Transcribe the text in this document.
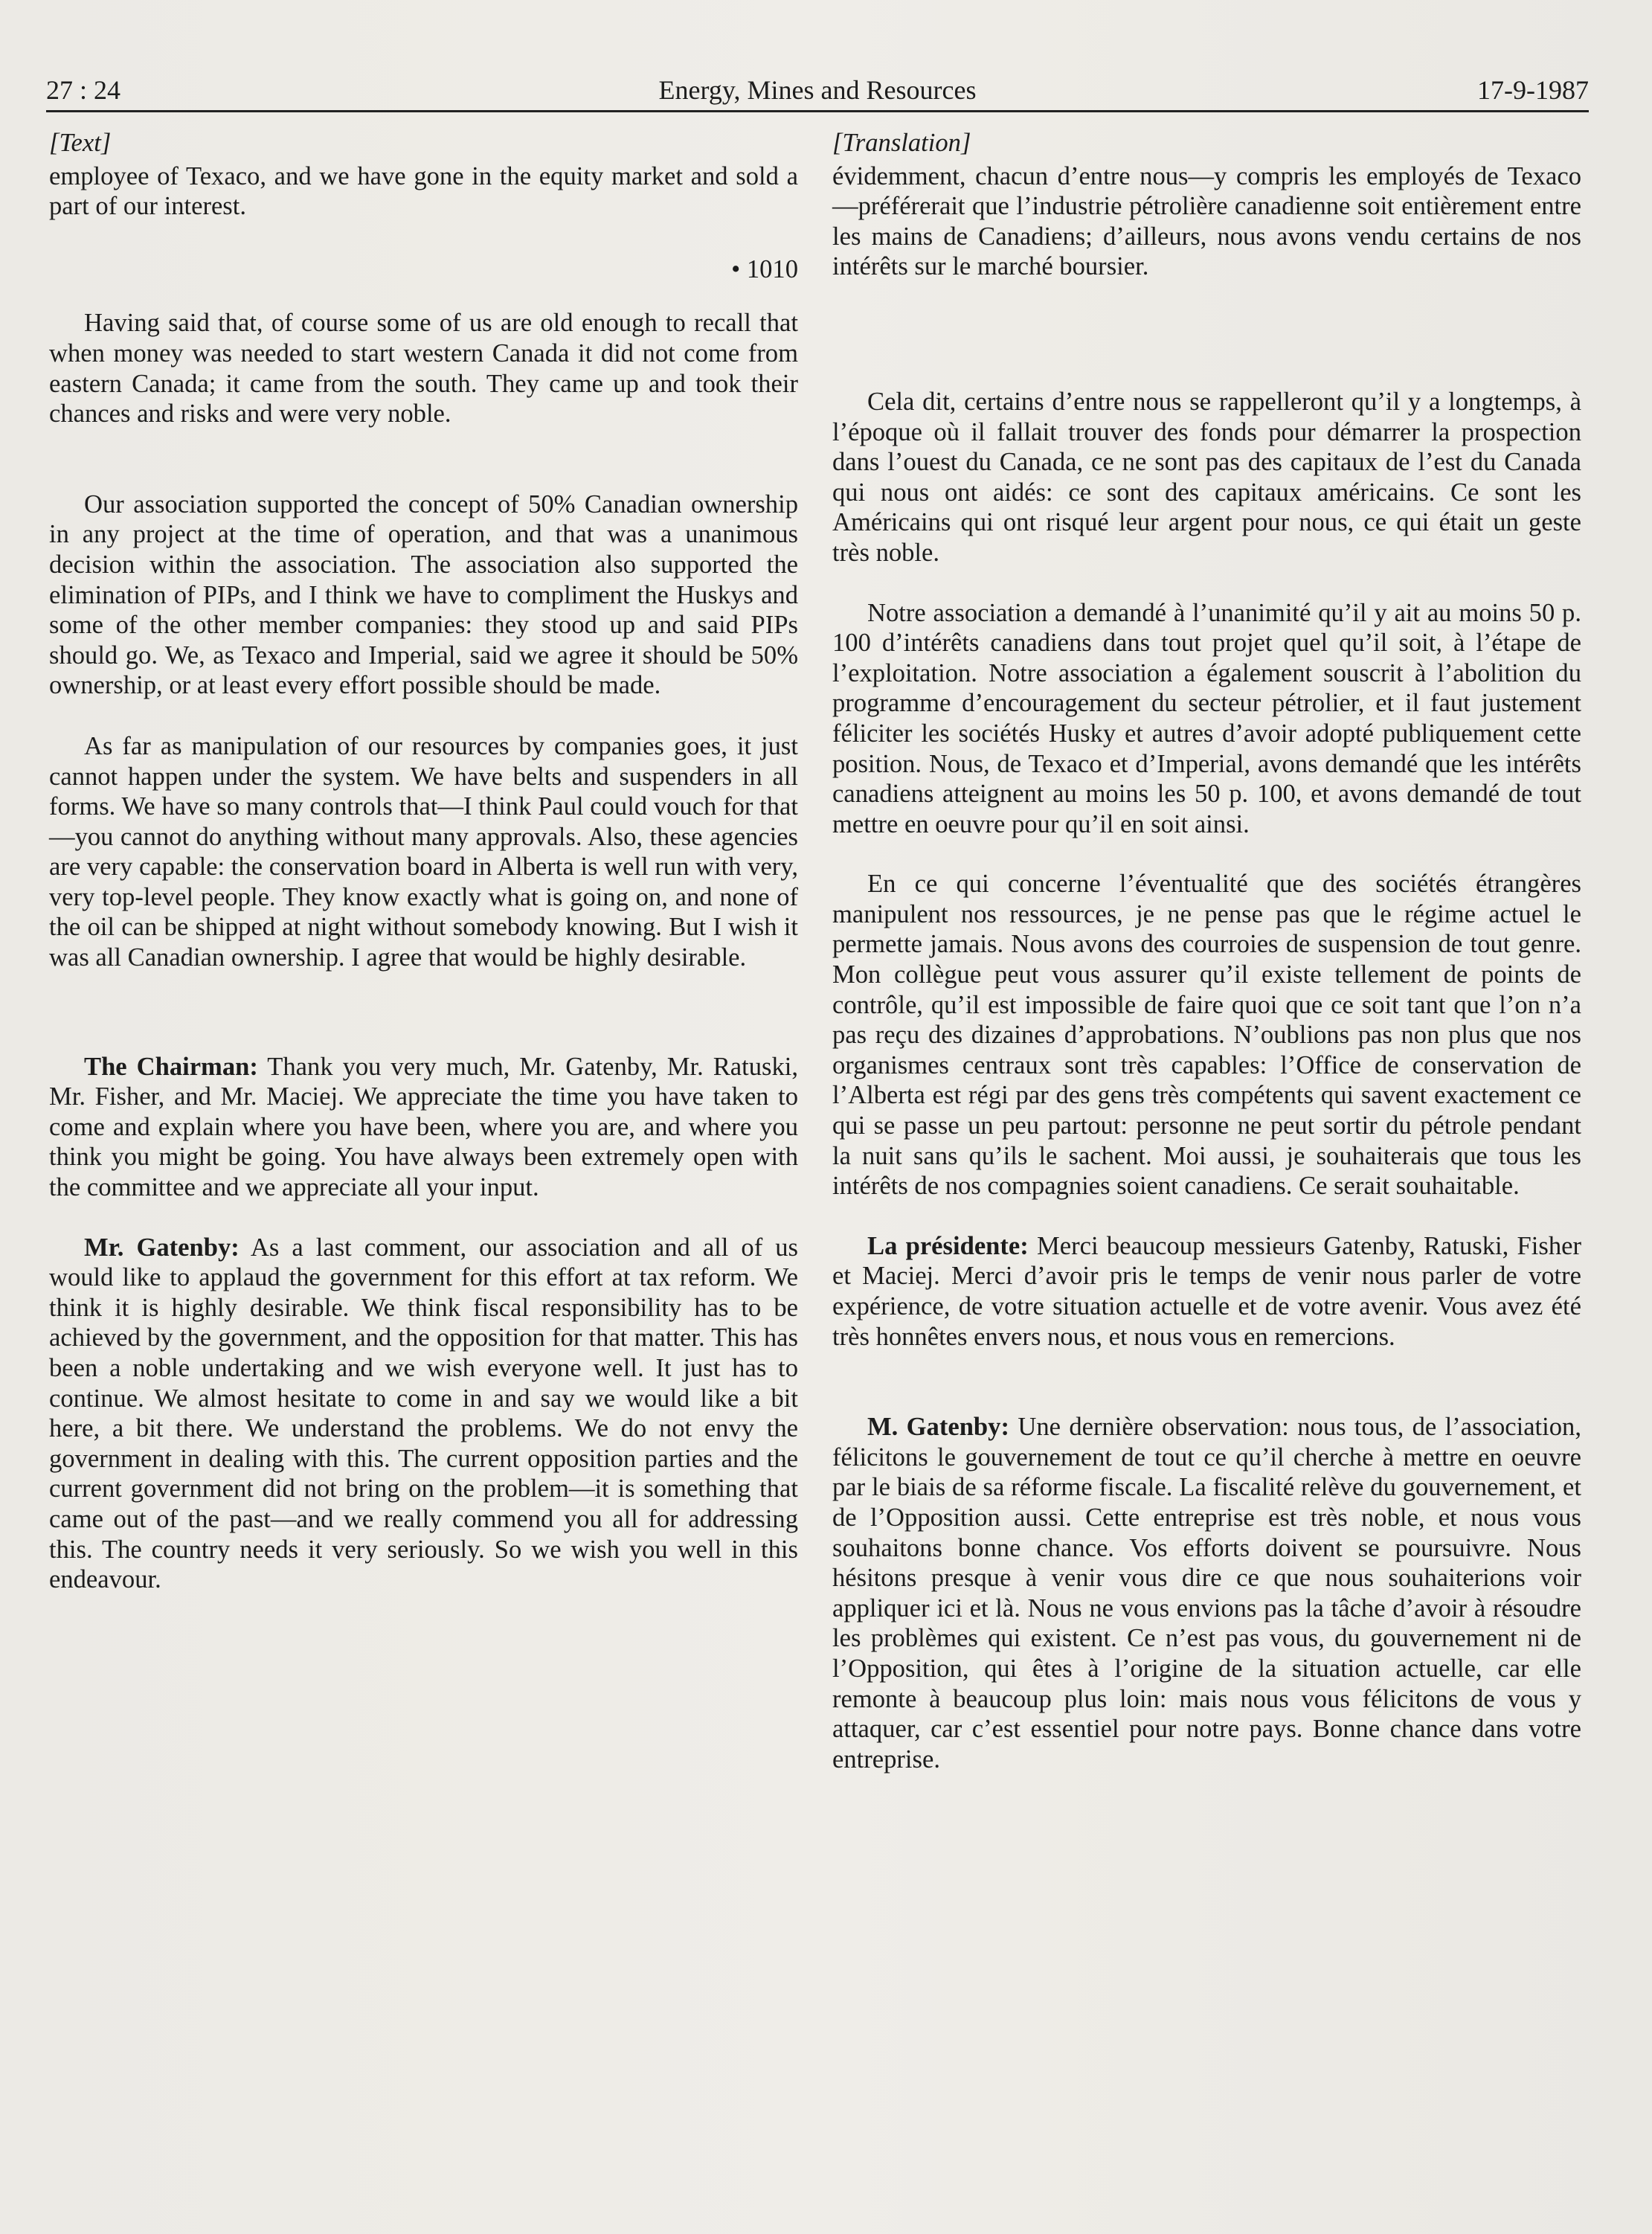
27 : 24	Energy, Mines and Resources	17-9-1987
[Text]

employee of Texaco, and we have gone in the equity market and sold a part of our interest.

• 1010

Having said that, of course some of us are old enough to recall that when money was needed to start western Canada it did not come from eastern Canada; it came from the south. They came up and took their chances and risks and were very noble.

Our association supported the concept of 50% Canadian ownership in any project at the time of operation, and that was a unanimous decision within the association. The association also supported the elimination of PIPs, and I think we have to compliment the Huskys and some of the other member companies: they stood up and said PIPs should go. We, as Texaco and Imperial, said we agree it should be 50% ownership, or at least every effort possible should be made.

As far as manipulation of our resources by companies goes, it just cannot happen under the system. We have belts and suspenders in all forms. We have so many controls that—I think Paul could vouch for that—you cannot do anything without many approvals. Also, these agencies are very capable: the conservation board in Alberta is well run with very, very top-level people. They know exactly what is going on, and none of the oil can be shipped at night without somebody knowing. But I wish it was all Canadian ownership. I agree that would be highly desirable.

The Chairman: Thank you very much, Mr. Gatenby, Mr. Ratuski, Mr. Fisher, and Mr. Maciej. We appreciate the time you have taken to come and explain where you have been, where you are, and where you think you might be going. You have always been extremely open with the committee and we appreciate all your input.

Mr. Gatenby: As a last comment, our association and all of us would like to applaud the government for this effort at tax reform. We think it is highly desirable. We think fiscal responsibility has to be achieved by the government, and the opposition for that matter. This has been a noble undertaking and we wish everyone well. It just has to continue. We almost hesitate to come in and say we would like a bit here, a bit there. We understand the problems. We do not envy the government in dealing with this. The current opposition parties and the current government did not bring on the problem—it is something that came out of the past—and we really commend you all for addressing this. The country needs it very seriously. So we wish you well in this endeavour.

[Translation]

évidemment, chacun d’entre nous—y compris les employés de Texaco—préférerait que l’industrie pétrolière canadienne soit entièrement entre les mains de Canadiens; d’ailleurs, nous avons vendu certains de nos intérêts sur le marché boursier.

Cela dit, certains d’entre nous se rappelleront qu’il y a longtemps, à l’époque où il fallait trouver des fonds pour démarrer la prospection dans l’ouest du Canada, ce ne sont pas des capitaux de l’est du Canada qui nous ont aidés: ce sont des capitaux américains. Ce sont les Américains qui ont risqué leur argent pour nous, ce qui était un geste très noble.

Notre association a demandé à l’unanimité qu’il y ait au moins 50 p. 100 d’intérêts canadiens dans tout projet quel qu’il soit, à l’étape de l’exploitation. Notre association a également souscrit à l’abolition du programme d’encouragement du secteur pétrolier, et il faut justement féliciter les sociétés Husky et autres d’avoir adopté publiquement cette position. Nous, de Texaco et d’Imperial, avons demandé que les intérêts canadiens atteignent au moins les 50 p. 100, et avons demandé de tout mettre en oeuvre pour qu’il en soit ainsi.

En ce qui concerne l’éventualité que des sociétés étrangères manipulent nos ressources, je ne pense pas que le régime actuel le permette jamais. Nous avons des courroies de suspension de tout genre. Mon collègue peut vous assurer qu’il existe tellement de points de contrôle, qu’il est impossible de faire quoi que ce soit tant que l’on n’a pas reçu des dizaines d’approbations. N’oublions pas non plus que nos organismes centraux sont très capables: l’Office de conservation de l’Alberta est régi par des gens très compétents qui savent exactement ce qui se passe un peu partout: personne ne peut sortir du pétrole pendant la nuit sans qu’ils le sachent. Moi aussi, je souhaiterais que tous les intérêts de nos compagnies soient canadiens. Ce serait souhaitable.

La présidente: Merci beaucoup messieurs Gatenby, Ratuski, Fisher et Maciej. Merci d’avoir pris le temps de venir nous parler de votre expérience, de votre situation actuelle et de votre avenir. Vous avez été très honnêtes envers nous, et nous vous en remercions.

M. Gatenby: Une dernière observation: nous tous, de l’association, félicitons le gouvernement de tout ce qu’il cherche à mettre en oeuvre par le biais de sa réforme fiscale. La fiscalité relève du gouvernement, et de l’Opposition aussi. Cette entreprise est très noble, et nous vous souhaitons bonne chance. Vos efforts doivent se poursuivre. Nous hésitons presque à venir vous dire ce que nous souhaiterions voir appliquer ici et là. Nous ne vous envions pas la tâche d’avoir à résoudre les problèmes qui existent. Ce n’est pas vous, du gouvernement ni de l’Opposition, qui êtes à l’origine de la situation actuelle, car elle remonte à beaucoup plus loin: mais nous vous félicitons de vous y attaquer, car c’est essentiel pour notre pays. Bonne chance dans votre entreprise.
